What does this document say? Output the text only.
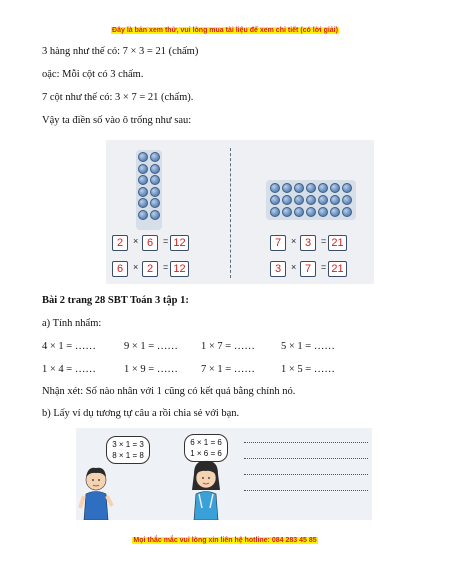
Đây là bản xem thử, vui lòng mua tài liệu để xem chi tiết (có lời giải)
3 hàng như thế có: 7 × 3 = 21 (chấm)
oặc: Mỗi cột có 3 chấm.
7 cột như thế có: 3 × 7 = 21 (chấm).
Vậy ta điền số vào ô trống như sau:
2	× 6	= 12
6	× 2	= 12
7	× 3	= 21
3	× 7	= 21
Bài 2 trang 28 SBT Toán 3 tập 1:
a) Tính nhẩm:
4 × 1 = ……	9 × 1 = …… 1 × 7 = …… 5 × 1 = ……
1 × 4 = ……	1 × 9 = …… 7 × 1 = …… 1 × 5 = ……
Nhận xét: Số nào nhân với 1 cũng có kết quả bằng chính nó.
b) Lấy ví dụ tương tự câu a rồi chia sẻ với bạn.
3 × 1 = 3
8 × 1 = 8
6 × 1 = 6
1 × 6 = 6
Mọi thắc mắc vui lòng xin liên hệ hotline: 084 283 45 85
